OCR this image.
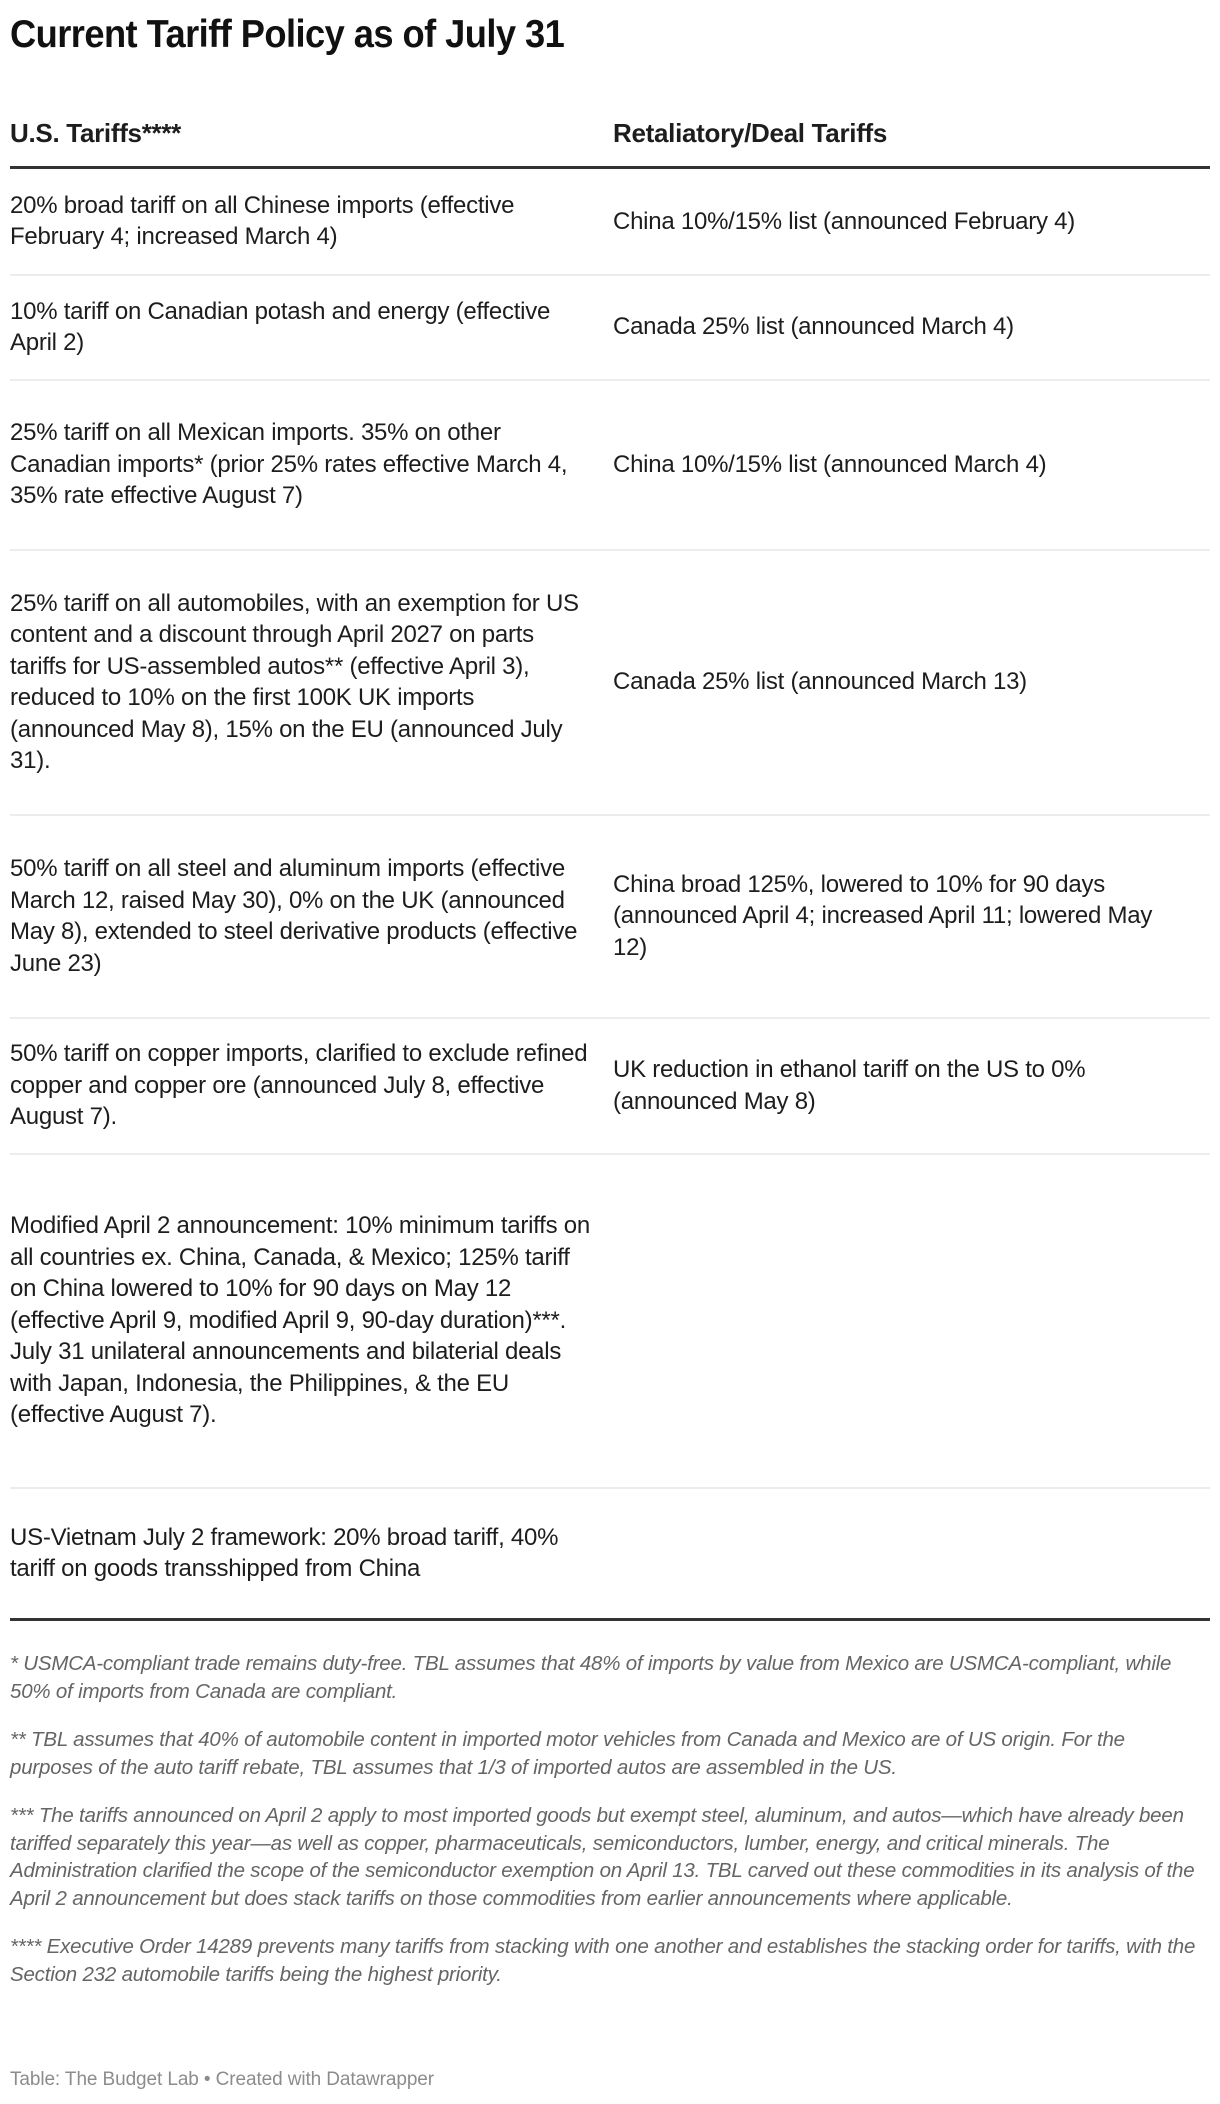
Current Tariff Policy as of July 31
U.S. Tariffs****	Retaliatory/Deal Tariffs

20% broad tariff on all Chinese imports (effective February 4; increased March 4)	China 10%/15% list (announced February 4)

10% tariff on Canadian potash and energy (effective April 2)	Canada 25% list (announced March 4)

25% tariff on all Mexican imports. 35% on other Canadian imports* (prior 25% rates effective March 4, 35% rate effective August 7)	China 10%/15% list (announced March 4)

25% tariff on all automobiles, with an exemption for US content and a discount through April 2027 on parts tariffs for US-assembled autos** (effective April 3), reduced to 10% on the first 100K UK imports (announced May 8), 15% on the EU (announced July 31).	Canada 25% list (announced March 13)

50% tariff on all steel and aluminum imports (effective March 12, raised May 30), 0% on the UK (announced May 8), extended to steel derivative products (effective June 23)	China broad 125%, lowered to 10% for 90 days (announced April 4; increased April 11; lowered May 12)

50% tariff on copper imports, clarified to exclude refined copper and copper ore (announced July 8, effective August 7).	UK reduction in ethanol tariff on the US to 0% (announced May 8)

Modified April 2 announcement: 10% minimum tariffs on all countries ex. China, Canada, & Mexico; 125% tariff on China lowered to 10% for 90 days on May 12 (effective April 9, modified April 9, 90-day duration)***. July 31 unilateral announcements and bilaterial deals with Japan, Indonesia, the Philippines, & the EU (effective August 7).	

US-Vietnam July 2 framework: 20% broad tariff, 40% tariff on goods transshipped from China	

* USMCA-compliant trade remains duty-free. TBL assumes that 48% of imports by value from Mexico are USMCA-compliant, while 50% of imports from Canada are compliant.

** TBL assumes that 40% of automobile content in imported motor vehicles from Canada and Mexico are of US origin. For the purposes of the auto tariff rebate, TBL assumes that 1/3 of imported autos are assembled in the US.

*** The tariffs announced on April 2 apply to most imported goods but exempt steel, aluminum, and autos—which have already been tariffed separately this year—as well as copper, pharmaceuticals, semiconductors, lumber, energy, and critical minerals. The Administration clarified the scope of the semiconductor exemption on April 13. TBL carved out these commodities in its analysis of the April 2 announcement but does stack tariffs on those commodities from earlier announcements where applicable.

**** Executive Order 14289 prevents many tariffs from stacking with one another and establishes the stacking order for tariffs, with the Section 232 automobile tariffs being the highest priority.

Table: The Budget Lab • Created with Datawrapper
